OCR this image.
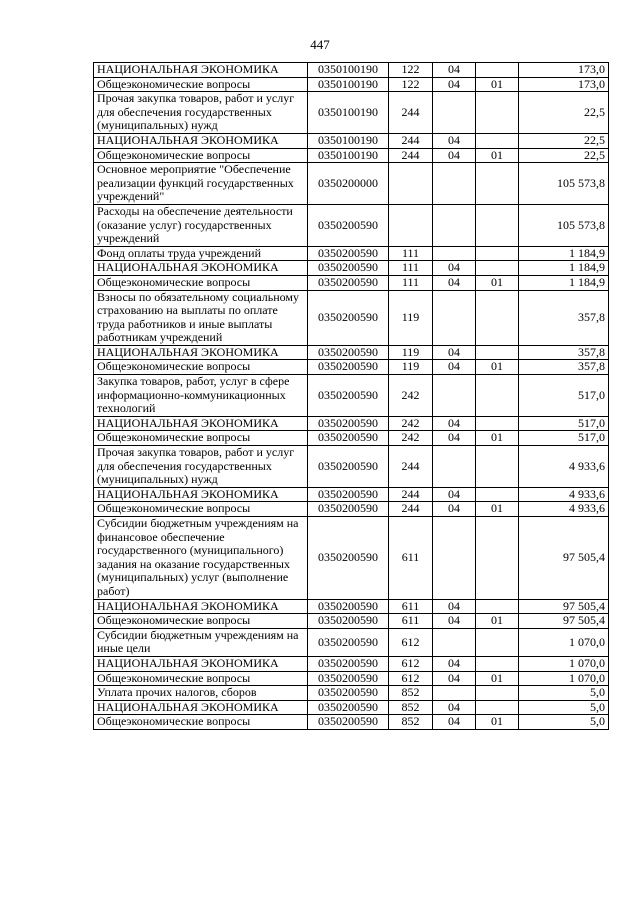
447
НАЦИОНАЛЬНАЯ ЭКОНОМИКА	0350100190	122	04		173,0
Общеэкономические вопросы	0350100190	122	04	01	173,0
Прочая закупка товаров, работ и услуг для обеспечения государственных (муниципальных) нужд	0350100190	244			22,5
НАЦИОНАЛЬНАЯ ЭКОНОМИКА	0350100190	244	04		22,5
Общеэкономические вопросы	0350100190	244	04	01	22,5
Основное мероприятие "Обеспечение реализации функций государственных учреждений"	0350200000				105 573,8
Расходы на обеспечение деятельности (оказание услуг) государственных учреждений	0350200590				105 573,8
Фонд оплаты труда учреждений	0350200590	111			1 184,9
НАЦИОНАЛЬНАЯ ЭКОНОМИКА	0350200590	111	04		1 184,9
Общеэкономические вопросы	0350200590	111	04	01	1 184,9
Взносы по обязательному социальному страхованию на выплаты по оплате труда работников и иные выплаты работникам учреждений	0350200590	119			357,8
НАЦИОНАЛЬНАЯ ЭКОНОМИКА	0350200590	119	04		357,8
Общеэкономические вопросы	0350200590	119	04	01	357,8
Закупка товаров, работ, услуг в сфере информационно-коммуникационных технологий	0350200590	242			517,0
НАЦИОНАЛЬНАЯ ЭКОНОМИКА	0350200590	242	04		517,0
Общеэкономические вопросы	0350200590	242	04	01	517,0
Прочая закупка товаров, работ и услуг для обеспечения государственных (муниципальных) нужд	0350200590	244			4 933,6
НАЦИОНАЛЬНАЯ ЭКОНОМИКА	0350200590	244	04		4 933,6
Общеэкономические вопросы	0350200590	244	04	01	4 933,6
Субсидии бюджетным учреждениям на финансовое обеспечение государственного (муниципального) задания на оказание государственных (муниципальных) услуг (выполнение работ)	0350200590	611			97 505,4
НАЦИОНАЛЬНАЯ ЭКОНОМИКА	0350200590	611	04		97 505,4
Общеэкономические вопросы	0350200590	611	04	01	97 505,4
Субсидии бюджетным учреждениям на иные цели	0350200590	612			1 070,0
НАЦИОНАЛЬНАЯ ЭКОНОМИКА	0350200590	612	04		1 070,0
Общеэкономические вопросы	0350200590	612	04	01	1 070,0
Уплата прочих налогов, сборов	0350200590	852			5,0
НАЦИОНАЛЬНАЯ ЭКОНОМИКА	0350200590	852	04		5,0
Общеэкономические вопросы	0350200590	852	04	01	5,0
